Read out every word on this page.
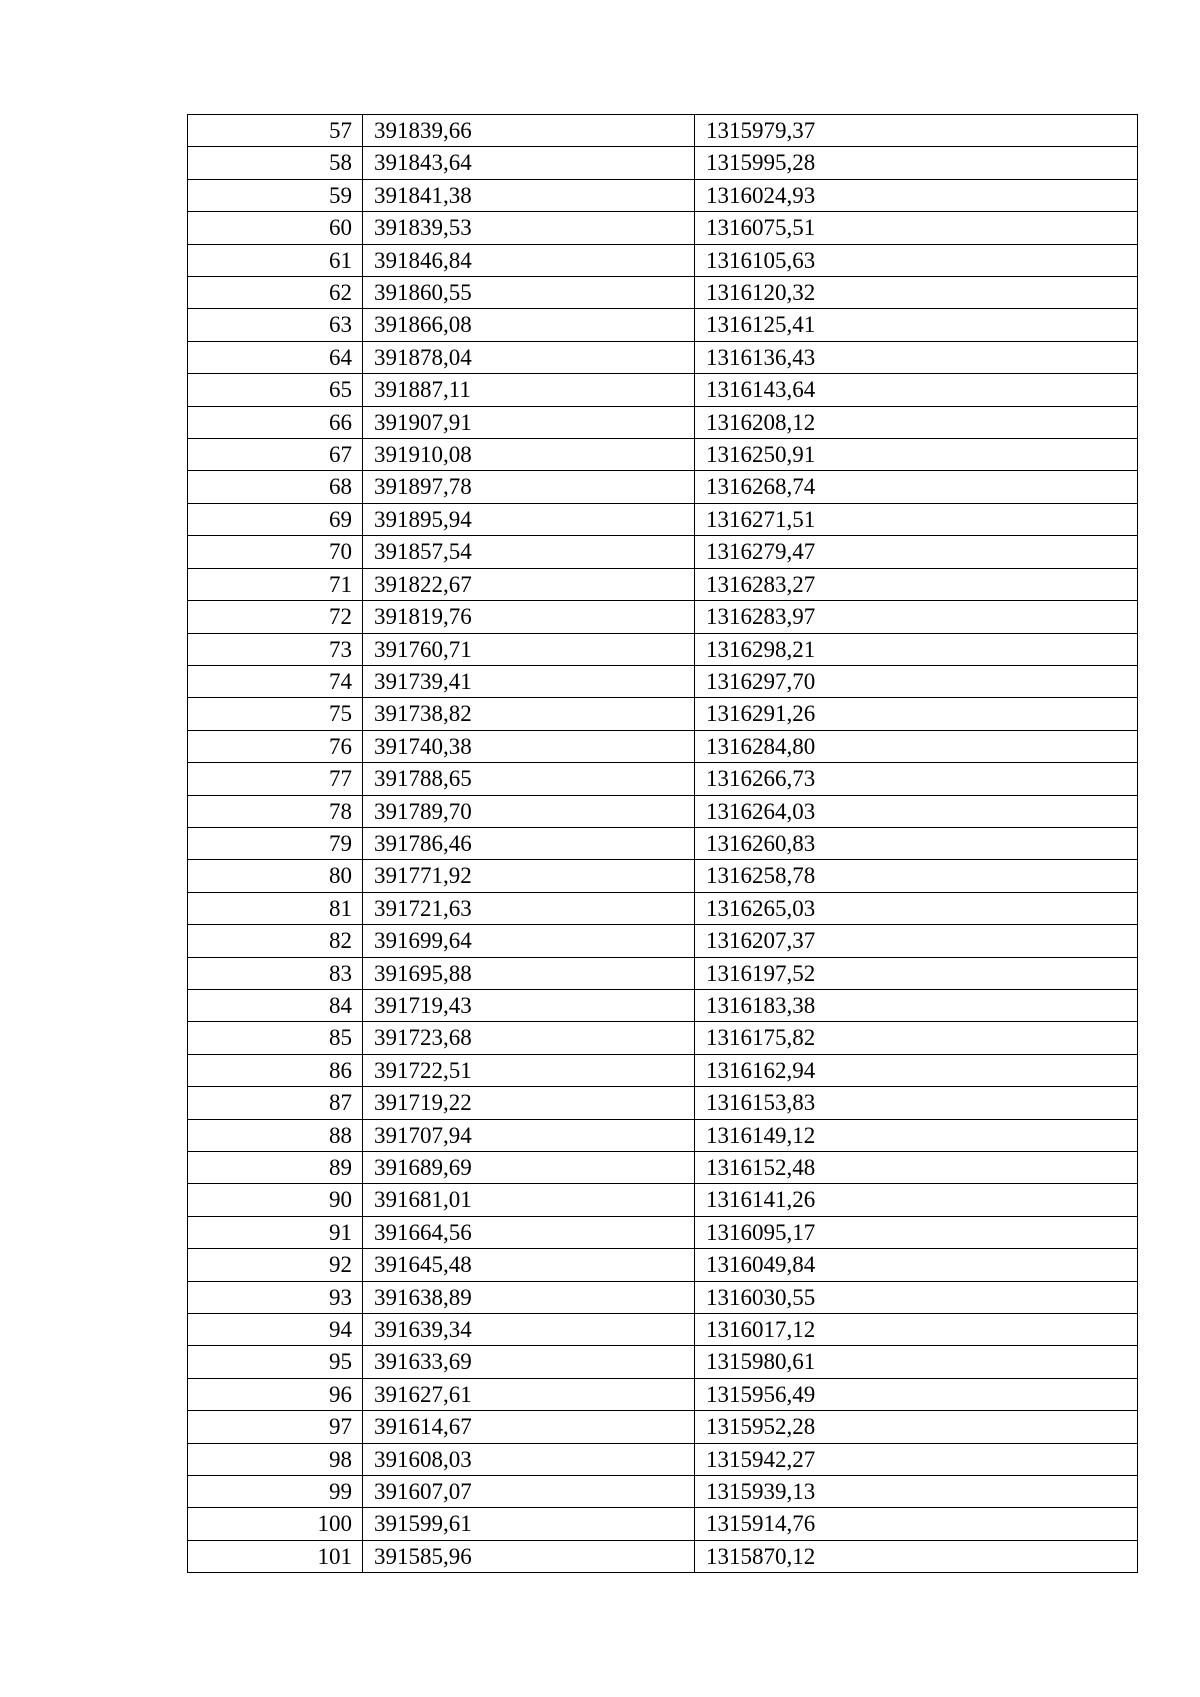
57	391839,66	1315979,37
58	391843,64	1315995,28
59	391841,38	1316024,93
60	391839,53	1316075,51
61	391846,84	1316105,63
62	391860,55	1316120,32
63	391866,08	1316125,41
64	391878,04	1316136,43
65	391887,11	1316143,64
66	391907,91	1316208,12
67	391910,08	1316250,91
68	391897,78	1316268,74
69	391895,94	1316271,51
70	391857,54	1316279,47
71	391822,67	1316283,27
72	391819,76	1316283,97
73	391760,71	1316298,21
74	391739,41	1316297,70
75	391738,82	1316291,26
76	391740,38	1316284,80
77	391788,65	1316266,73
78	391789,70	1316264,03
79	391786,46	1316260,83
80	391771,92	1316258,78
81	391721,63	1316265,03
82	391699,64	1316207,37
83	391695,88	1316197,52
84	391719,43	1316183,38
85	391723,68	1316175,82
86	391722,51	1316162,94
87	391719,22	1316153,83
88	391707,94	1316149,12
89	391689,69	1316152,48
90	391681,01	1316141,26
91	391664,56	1316095,17
92	391645,48	1316049,84
93	391638,89	1316030,55
94	391639,34	1316017,12
95	391633,69	1315980,61
96	391627,61	1315956,49
97	391614,67	1315952,28
98	391608,03	1315942,27
99	391607,07	1315939,13
100	391599,61	1315914,76
101	391585,96	1315870,12
